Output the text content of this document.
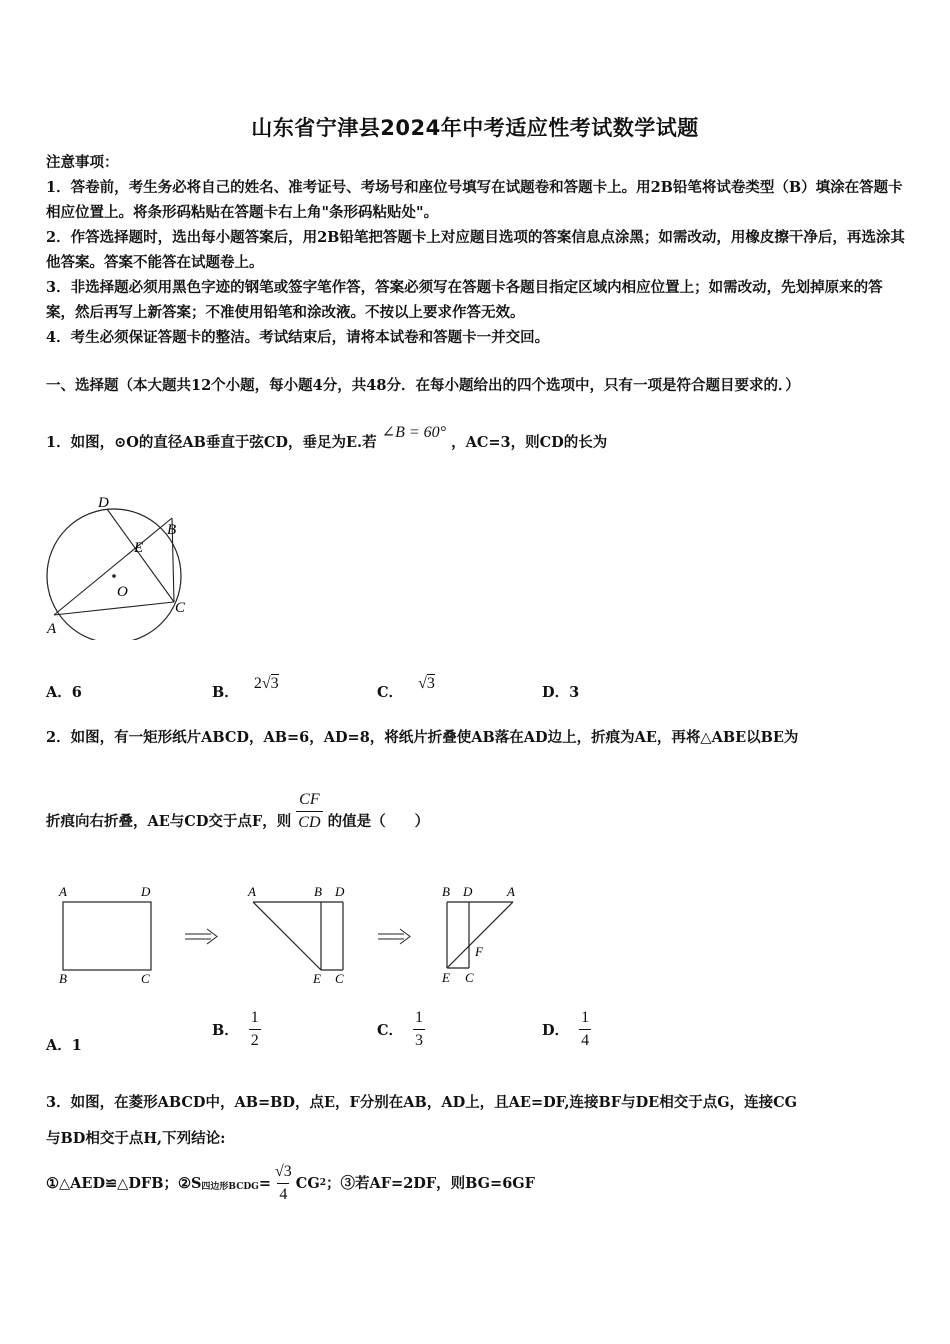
山东省宁津县2024年中考适应性考试数学试题

注意事项：

1．答卷前，考生务必将自己的姓名、准考证号、考场号和座位号填写在试题卷和答题卡上。用2B铅笔将试卷类型（B）填涂在答题卡相应位置上。将条形码粘贴在答题卡右上角"条形码粘贴处"。

2．作答选择题时，选出每小题答案后，用2B铅笔把答题卡上对应题目选项的答案信息点涂黑；如需改动，用橡皮擦干净后，再选涂其他答案。答案不能答在试题卷上。

3．非选择题必须用黑色字迹的钢笔或签字笔作答，答案必须写在答题卡各题目指定区域内相应位置上；如需改动，先划掉原来的答案，然后再写上新答案；不准使用铅笔和涂改液。不按以上要求作答无效。

4．考生必须保证答题卡的整洁。考试结束后，请将本试卷和答题卡一并交回。

一、选择题（本大题共12个小题，每小题4分，共48分．在每小题给出的四个选项中，只有一项是符合题目要求的．）
1．如图，⊙O的直径AB垂直于弦CD，垂足为E.若 ∠B = 60° ，AC=3，则CD的长为
D
B
E
O
A
C
A．6	B． 2√3
C． √3
D．3
2．如图，有一矩形纸片ABCD，AB=6，AD=8，将纸片折叠使AB落在AD边上，折痕为AE，再将△ABE以BE为
折痕向右折叠，AE与CD交于点F，则 $\frac{CF}{CD}$ 的值是（　　）
A	D
B	C
A	B D
E C
B D	A
F
E C
A．1
B． $\frac{1}{2}$	C． $\frac{1}{3}$	D． $\frac{1}{4}$
3．如图，在菱形ABCD中，AB=BD，点E，F分别在AB，AD上，且AE=DF,连接BF与DE相交于点G，连接CG
与BD相交于点H,下列结论:
①△AED≌△DFB；②S 四边形BCDG = $\frac{√3}{4}$ CG 2 ；③若AF=2DF，则BG=6GF
